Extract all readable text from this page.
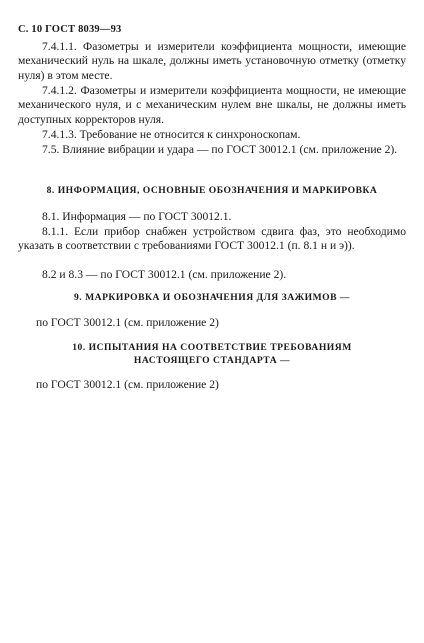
С. 10 ГОСТ 8039—93

7.4.1.1. Фазометры и измерители коэффициента мощности, имеющие механический нуль на шкале, должны иметь установочную отметку (отметку нуля) в этом месте.

7.4.1.2. Фазометры и измерители коэффициента мощности, не имеющие механического нуля, и с механическим нулем вне шкалы, не должны иметь доступных корректоров нуля.

7.4.1.3. Требование не относится к синхроноскопам.

7.5. Влияние вибрации и удара — по ГОСТ 30012.1 (см. приложение 2).

8. ИНФОРМАЦИЯ, ОСНОВНЫЕ ОБОЗНАЧЕНИЯ И МАРКИРОВКА

8.1. Информация — по ГОСТ 30012.1.

8.1.1. Если прибор снабжен устройством сдвига фаз, это необходимо указать в соответствии с требованиями ГОСТ 30012.1 (п. 8.1 н и э)).

8.2 и 8.3 — по ГОСТ 30012.1 (см. приложение 2).

9. МАРКИРОВКА И ОБОЗНАЧЕНИЯ ДЛЯ ЗАЖИМОВ —
по ГОСТ 30012.1 (см. приложение 2)
10. ИСПЫТАНИЯ НА СООТВЕТСТВИЕ ТРЕБОВАНИЯМ
НАСТОЯЩЕГО СТАНДАРТА —
по ГОСТ 30012.1 (см. приложение 2)
